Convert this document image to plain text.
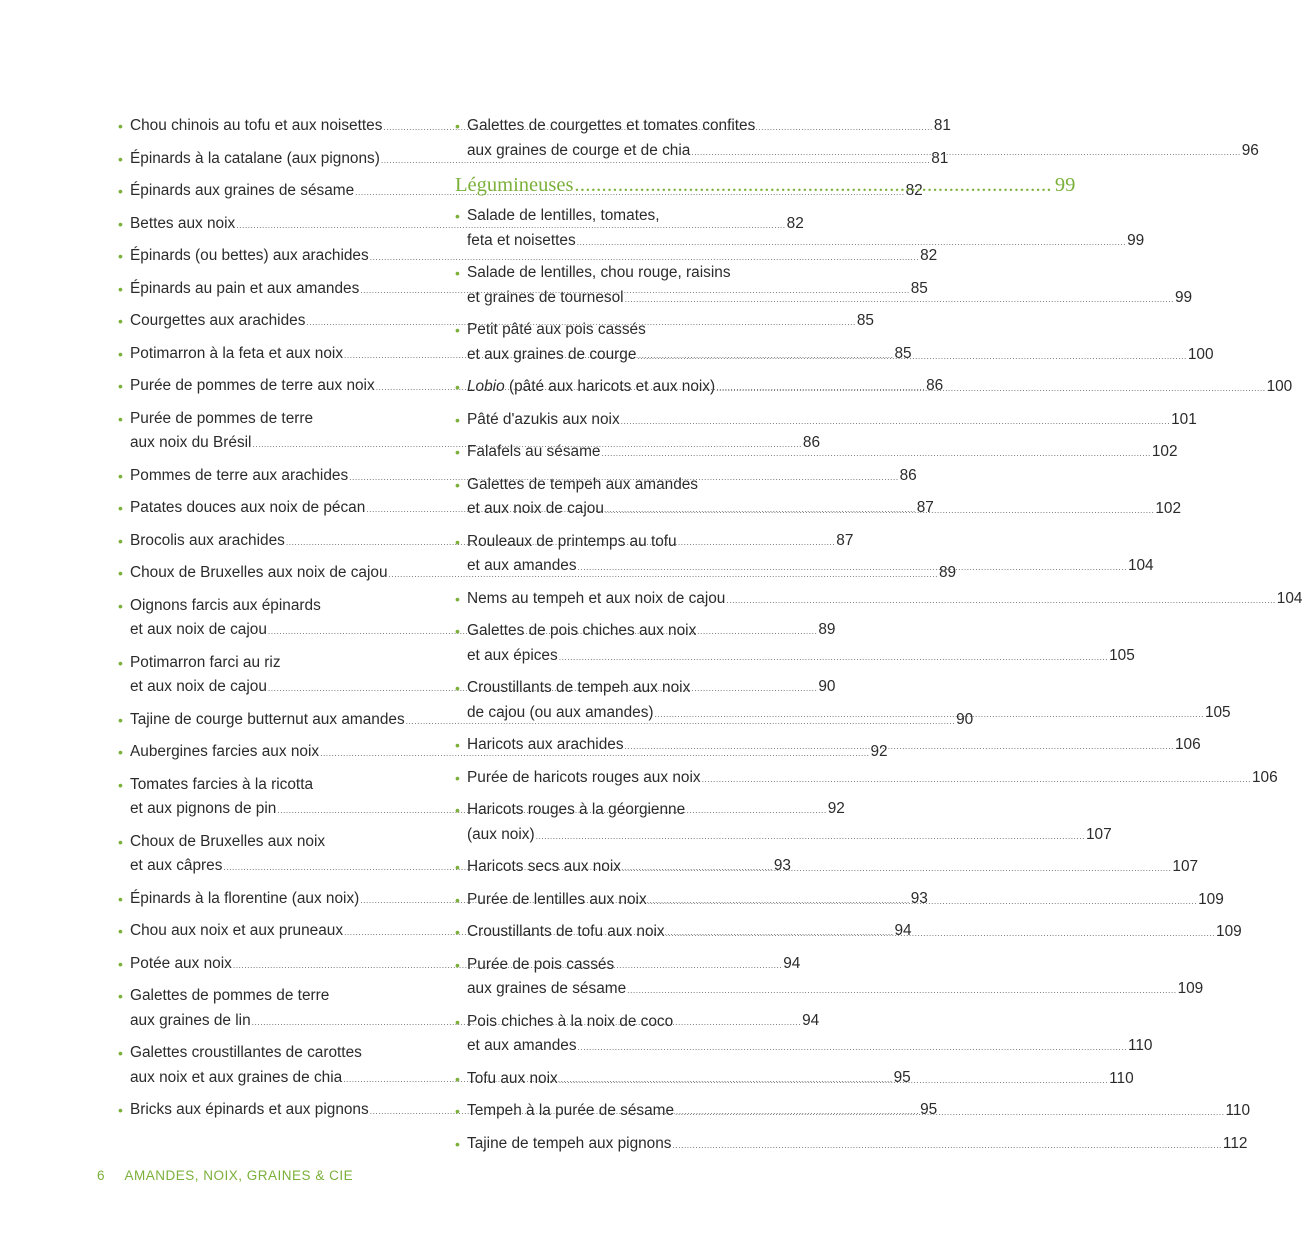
• Chou chinois au tofu et aux noisettes .....	81
• Épinards à la catalane (aux pignons) .....	81
• Épinards aux graines de sésame .....	82
• Bettes aux noix .....	82
• Épinards (ou bettes) aux arachides .....	82
• Épinards au pain et aux amandes .....	85
• Courgettes aux arachides .....	85
• Potimarron à la feta et aux noix .....	85
• Purée de pommes de terre aux noix .....	86
• Purée de pommes de terre
aux noix du Brésil .....	86
• Pommes de terre aux arachides .....	86
• Patates douces aux noix de pécan .....	87
• Brocolis aux arachides .....	87
• Choux de Bruxelles aux noix de cajou .....	89
• Oignons farcis aux épinards
et aux noix de cajou .....	89
• Potimarron farci au riz
et aux noix de cajou .....	90
• Tajine de courge butternut aux amandes .....	90
• Aubergines farcies aux noix .....	92
• Tomates farcies à la ricotta
et aux pignons de pin .....	92
• Choux de Bruxelles aux noix
et aux câpres .....	93
• Épinards à la florentine (aux noix) .....	93
• Chou aux noix et aux pruneaux .....	94
• Potée aux noix .....	94
• Galettes de pommes de terre
aux graines de lin .....	94
• Galettes croustillantes de carottes
aux noix et aux graines de chia .....	95
• Bricks aux épinards et aux pignons .....	95
• Galettes de courgettes et tomates confites
aux graines de courge et de chia .....	96
Légumineuses .....	99
• Salade de lentilles, tomates,
feta et noisettes .....	99
• Salade de lentilles, chou rouge, raisins
et graines de tournesol .....	99
• Petit pâté aux pois cassés
et aux graines de courge .....	100
• Lobio (pâté aux haricots et aux noix) .....	100
• Pâté d'azukis aux noix .....	101
• Falafels au sésame .....	102
• Galettes de tempeh aux amandes
et aux noix de cajou .....	102
• Rouleaux de printemps au tofu
et aux amandes .....	104
• Nems au tempeh et aux noix de cajou .....	104
• Galettes de pois chiches aux noix
et aux épices .....	105
• Croustillants de tempeh aux noix
de cajou (ou aux amandes) .....	105
• Haricots aux arachides .....	106
• Purée de haricots rouges aux noix .....	106
• Haricots rouges à la géorgienne
(aux noix) .....	107
• Haricots secs aux noix .....	107
• Purée de lentilles aux noix .....	109
• Croustillants de tofu aux noix .....	109
• Purée de pois cassés
aux graines de sésame .....	109
• Pois chiches à la noix de coco
et aux amandes .....	110
• Tofu aux noix .....	110
• Tempeh à la purée de sésame .....	110
• Tajine de tempeh aux pignons .....	112
6 AMANDES, NOIX, GRAINES & CIE
